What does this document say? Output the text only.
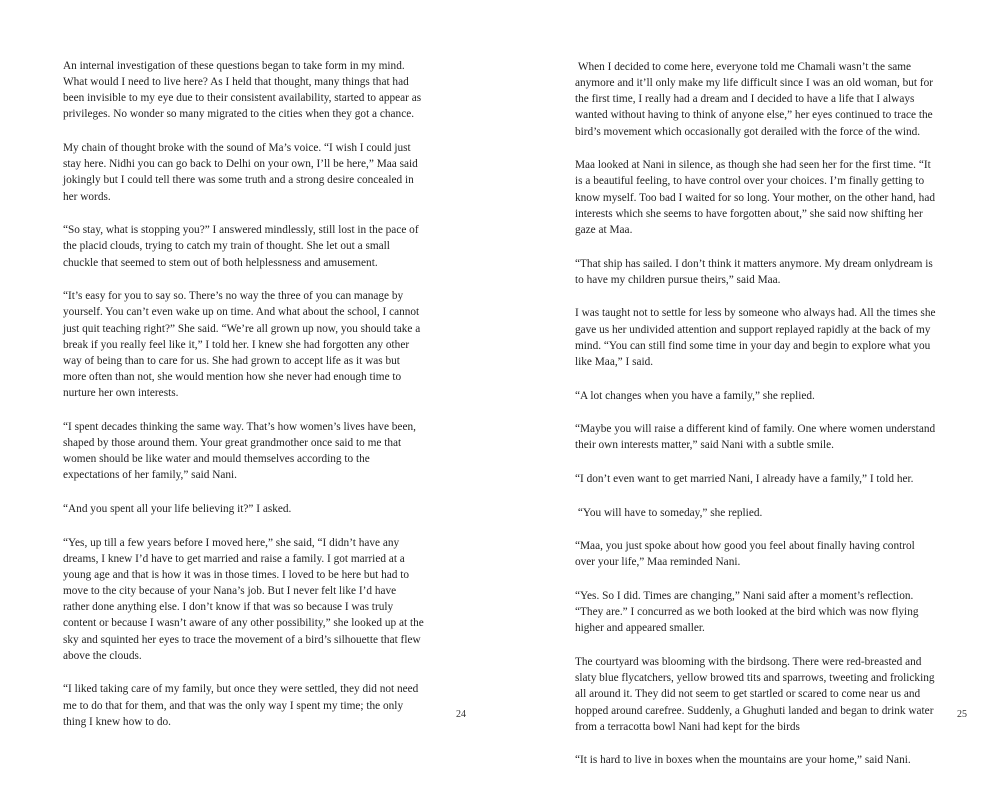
An internal investigation of these questions began to take form in my mind. What would I need to live here? As I held that thought, many things that had been invisible to my eye due to their consistent availability, started to appear as privileges. No wonder so many migrated to the cities when they got a chance.

My chain of thought broke with the sound of Ma’s voice. “I wish I could just stay here. Nidhi you can go back to Delhi on your own, I’ll be here,” Maa said jokingly but I could tell there was some truth and a strong desire concealed in her words.

“So stay, what is stopping you?” I answered mindlessly, still lost in the pace of the placid clouds, trying to catch my train of thought. She let out a small chuckle that seemed to stem out of both helplessness and amusement.

“It’s easy for you to say so. There’s no way the three of you can manage by yourself. You can’t even wake up on time. And what about the school, I cannot just quit teaching right?” She said. “We’re all grown up now, you should take a break if you really feel like it,” I told her. I knew she had forgotten any other way of being than to care for us. She had grown to accept life as it was but more often than not, she would mention how she never had enough time to nurture her own interests.

“I spent decades thinking the same way. That’s how women’s lives have been, shaped by those around them. Your great grandmother once said to me that women should be like water and mould themselves according to the expectations of her family,” said Nani.

“And you spent all your life believing it?” I asked.

“Yes, up till a few years before I moved here,” she said, “I didn’t have any dreams, I knew I’d have to get married and raise a family. I got married at a young age and that is how it was in those times. I loved to be here but had to move to the city because of your Nana’s job. But I never felt like I’d have rather done anything else. I don’t know if that was so because I was truly content or because I wasn’t aware of any other possibility,” she looked up at the sky and squinted her eyes to trace the movement of a bird’s silhouette that flew above the clouds.

“I liked taking care of my family, but once they were settled, they did not need me to do that for them, and that was the only way I spent my time; the only thing I knew how to do.

24

When I decided to come here, everyone told me Chamali wasn’t the same anymore and it’ll only make my life difficult since I was an old woman, but for the first time, I really had a dream and I decided to have a life that I always wanted without having to think of anyone else,” her eyes continued to trace the bird’s movement which occasionally got derailed with the force of the wind.

Maa looked at Nani in silence, as though she had seen her for the first time. “It is a beautiful feeling, to have control over your choices. I’m finally getting to know myself. Too bad I waited for so long. Your mother, on the other hand, had interests which she seems to have forgotten about,” she said now shifting her gaze at Maa.

“That ship has sailed. I don’t think it matters anymore. My dream onlydream is to have my children pursue theirs,” said Maa.

I was taught not to settle for less by someone who always had. All the times she gave us her undivided attention and support replayed rapidly at the back of my mind. “You can still find some time in your day and begin to explore what you like Maa,” I said.

“A lot changes when you have a family,” she replied.

“Maybe you will raise a different kind of family. One where women understand their own interests matter,” said Nani with a subtle smile.

“I don’t even want to get married Nani, I already have a family,” I told her.

“You will have to someday,” she replied.

“Maa, you just spoke about how good you feel about finally having control over your life,” Maa reminded Nani.

“Yes. So I did. Times are changing,” Nani said after a moment’s reflection. “They are.” I concurred as we both looked at the bird which was now flying higher and appeared smaller.

The courtyard was blooming with the birdsong. There were red-breasted and slaty blue flycatchers, yellow browed tits and sparrows, tweeting and frolicking all around it. They did not seem to get startled or scared to come near us and hopped around carefree. Suddenly, a Ghughuti landed and began to drink water from a terracotta bowl Nani had kept for the birds

“It is hard to live in boxes when the mountains are your home,” said Nani.

25
